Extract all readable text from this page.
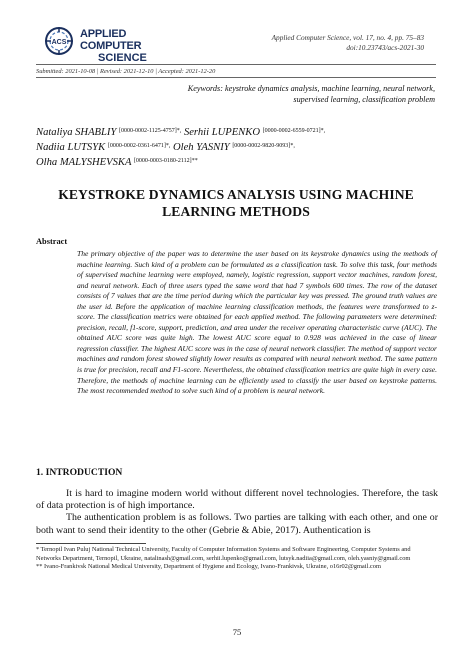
ACS
APPLIED COMPUTER
SCIENCE
Applied Computer Science, vol. 17, no. 4, pp. 75–83
doi:10.23743/acs-2021-30
Submitted: 2021-10-08 | Revised: 2021-12-10 | Accepted: 2021-12-20
Keywords: keystroke dynamics analysis, machine learning, neural network, supervised learning, classification problem
Nataliya SHABLIY $^{[0000-0002-1125-4757]*,}$ Serhii LUPENKO $^{[0000-0002-6559-0721]*,}$
Nadiia LUTSYK $^{[0000-0002-0361-6471]*,}$ Oleh YASNIY $^{[0000-0002-9820-9093]*,}$
Olha MALYSHEVSKA $^{[0000-0003-0180-2112]**}$
KEYSTROKE DYNAMICS ANALYSIS USING MACHINE LEARNING METHODS
Abstract

The primary objective of the paper was to determine the user based on its keystroke dynamics using the methods of machine learning. Such kind of a problem can be formulated as a classification task. To solve this task, four methods of supervised machine learning were employed, namely, logistic regression, support vector machines, random forest, and neural network. Each of three users typed the same word that had 7 symbols 600 times. The row of the dataset consists of 7 values that are the time period during which the particular key was pressed. The ground truth values are the user id. Before the application of machine learning classification methods, the features were transformed to z-score. The classification metrics were obtained for each applied method. The following parameters were determined: precision, recall, f1-score, support, prediction, and area under the receiver operating characteristic curve (AUC). The obtained AUC score was quite high. The lowest AUC score equal to 0.928 was achieved in the case of linear regression classifier. The highest AUC score was in the case of neural network classifier. The method of support vector machines and random forest showed slightly lower results as compared with neural network method. The same pattern is true for precision, recall and F1-score. Nevertheless, the obtained classification metrics are quite high in every case. Therefore, the methods of machine learning can be efficiently used to classify the user based on keystroke patterns. The most recommended method to solve such kind of a problem is neural network.

1. INTRODUCTION

It is hard to imagine modern world without different novel technologies. Therefore, the task of data protection is of high importance.

The authentication problem is as follows. Two parties are talking with each other, and one or both want to send their identity to the other (Gebrie & Abie, 2017). Authentication is

* Ternopil Ivan Puluj National Technical University, Faculty of Computer Information Systems and Software Engineering, Computer Systems and Networks Department, Ternopil, Ukraine, natalinash@gmail.com, serhii.lupenko@gmail.com, lutsyk.nadiia@gmail.com, oleh.yasniy@gmail.com
** Ivano-Frankivsk National Medical University, Department of Hygiene and Ecology, Ivano-Frankivsk, Ukraine, o16r02@gmail.com
75
